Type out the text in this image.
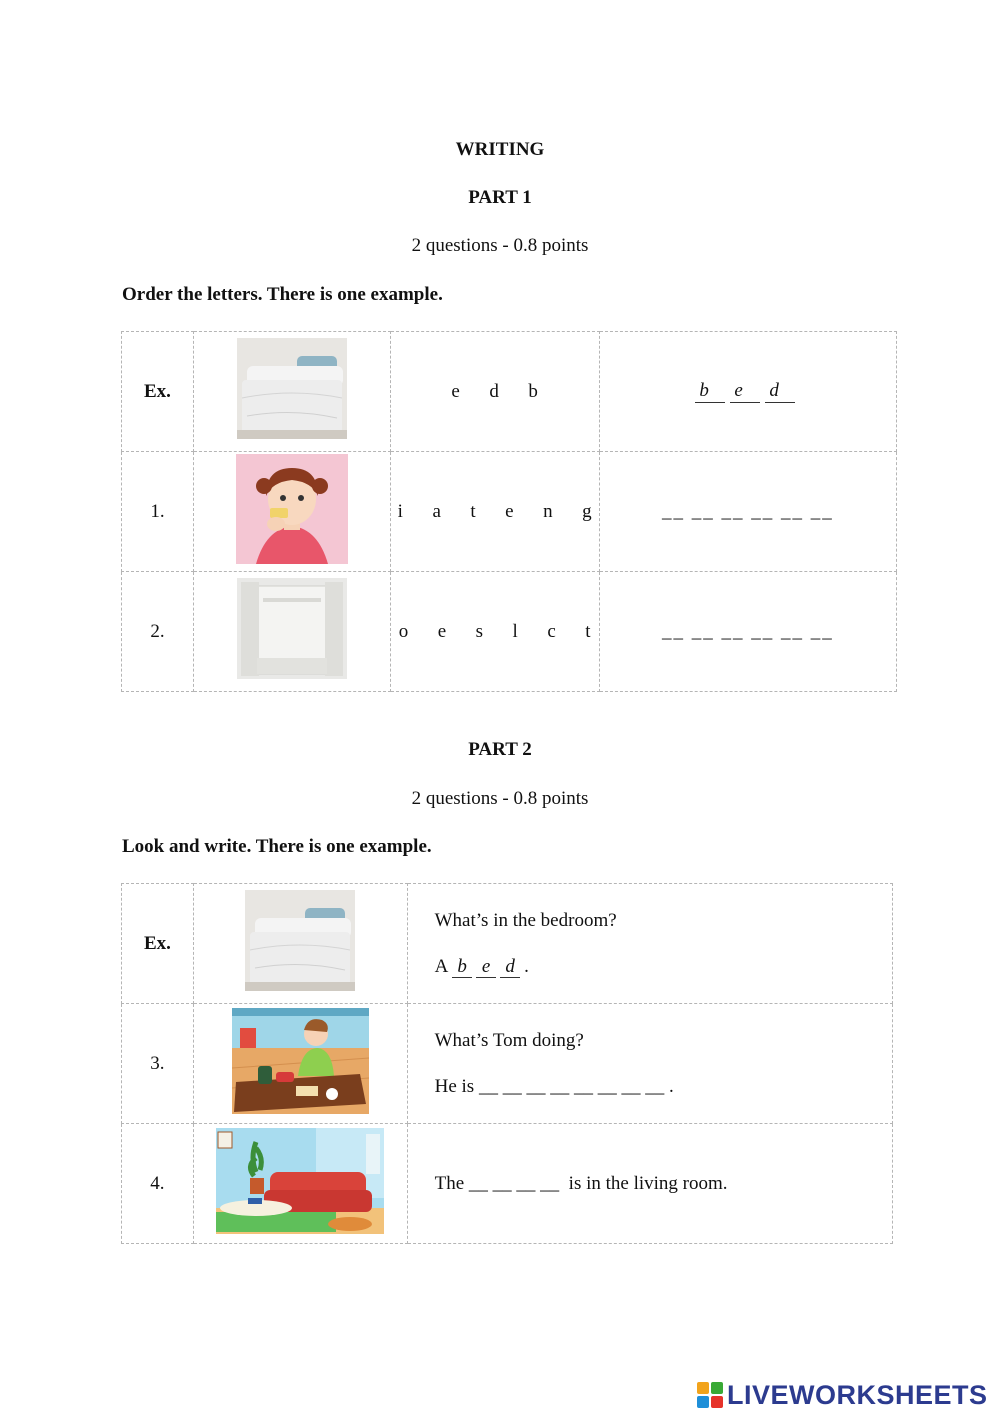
WRITING
PART 1
2 questions - 0.8 points
Order the letters. There is one example.
Ex.		e  d  b	b e d
1.		i  a  t  e  n  g	__ __ __ __ __ __
2.		o  e  s  l  c  t	__ __ __ __ __ __
PART 2
2 questions - 0.8 points
Look and write. There is one example.
Ex.		What’s in the bedroom?
A b e d .

3.		What’s Tom doing?
He is __ __ __ __ __ __ __ __ .

4.		The __ __ __ __  is in the living room.
LIVEWORKSHEETS
